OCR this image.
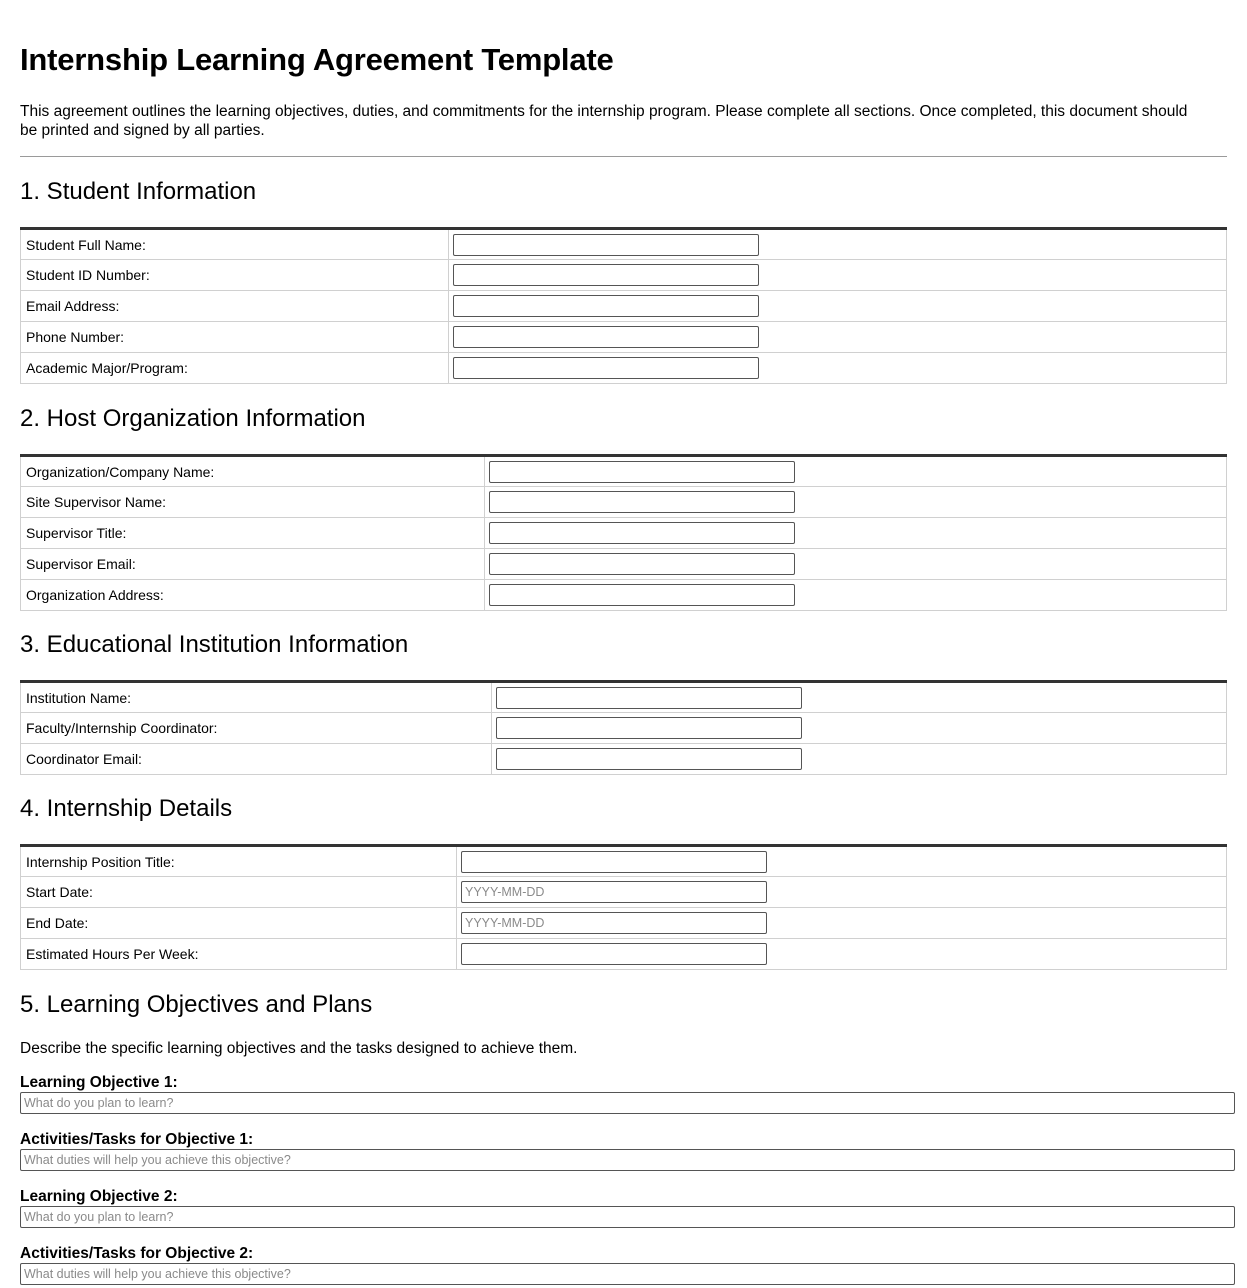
Internship Learning Agreement Template

This agreement outlines the learning objectives, duties, and commitments for the internship program. Please complete all sections. Once completed, this document should be printed and signed by all parties.

1. Student Information
Student Full Name:	

Student ID Number:	

Email Address:	

Phone Number:	

Academic Major/Program:	
2. Host Organization Information
Organization/Company Name:	

Site Supervisor Name:	

Supervisor Title:	

Supervisor Email:	

Organization Address:	
3. Educational Institution Information
Institution Name:	

Faculty/Internship Coordinator:	

Coordinator Email:	
4. Internship Details
Internship Position Title:	

Start Date:	
YYYY-MM-DD
End Date:	
YYYY-MM-DD
Estimated Hours Per Week:	
5. Learning Objectives and Plans

Describe the specific learning objectives and the tasks designed to achieve them.

Learning Objective 1:

What do you plan to learn?

Activities/Tasks for Objective 1:

What duties will help you achieve this objective?

Learning Objective 2:

What do you plan to learn?

Activities/Tasks for Objective 2:

What duties will help you achieve this objective?
